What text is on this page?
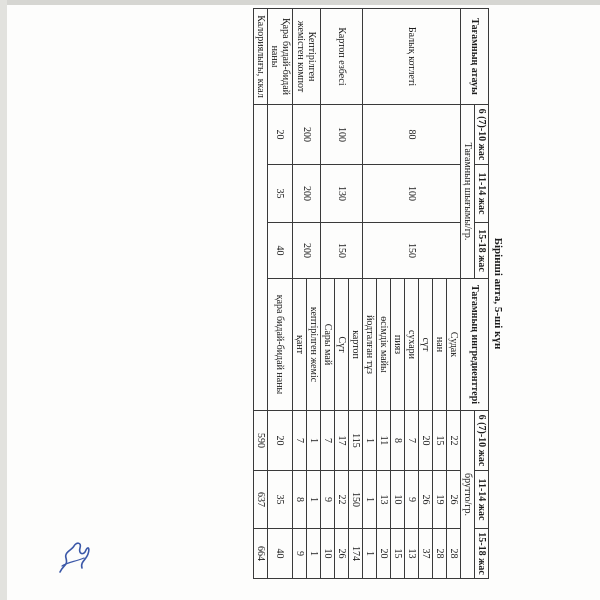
Бірінші апта, 5-ші күн							
Тағамның атауы	6 (7)-10 жас	11-14 жас	15-18 жас	Тағамның ингредиенттері	6 (7)-10 жас	11-14 жас	15-18 жас
	Тағамның шығымы/гр.				брутто/гр.		
Балық котлеті	80	100	150	Судак	22	26	28
				нан	15	19	28
				сүт	20	26	37
				сухари	7	9	13
				пияз	8	10	15
				өсімдік майы	11	13	20
				йодталған тұз	1	1	1
Картоп езбесі	100	130	150	картоп	115	150	174
				Сүт	17	22	26
				Сары май	7	9	10
Кептірілген жемістен компот	200	200	200	кептірілген жеміс	1	1	1
				қант	7	8	9
Қара бидай-бидай наны	20	35	40	қара бидай-бидай наны	20	35	40
Калориялығы, ккал					590	637	664
